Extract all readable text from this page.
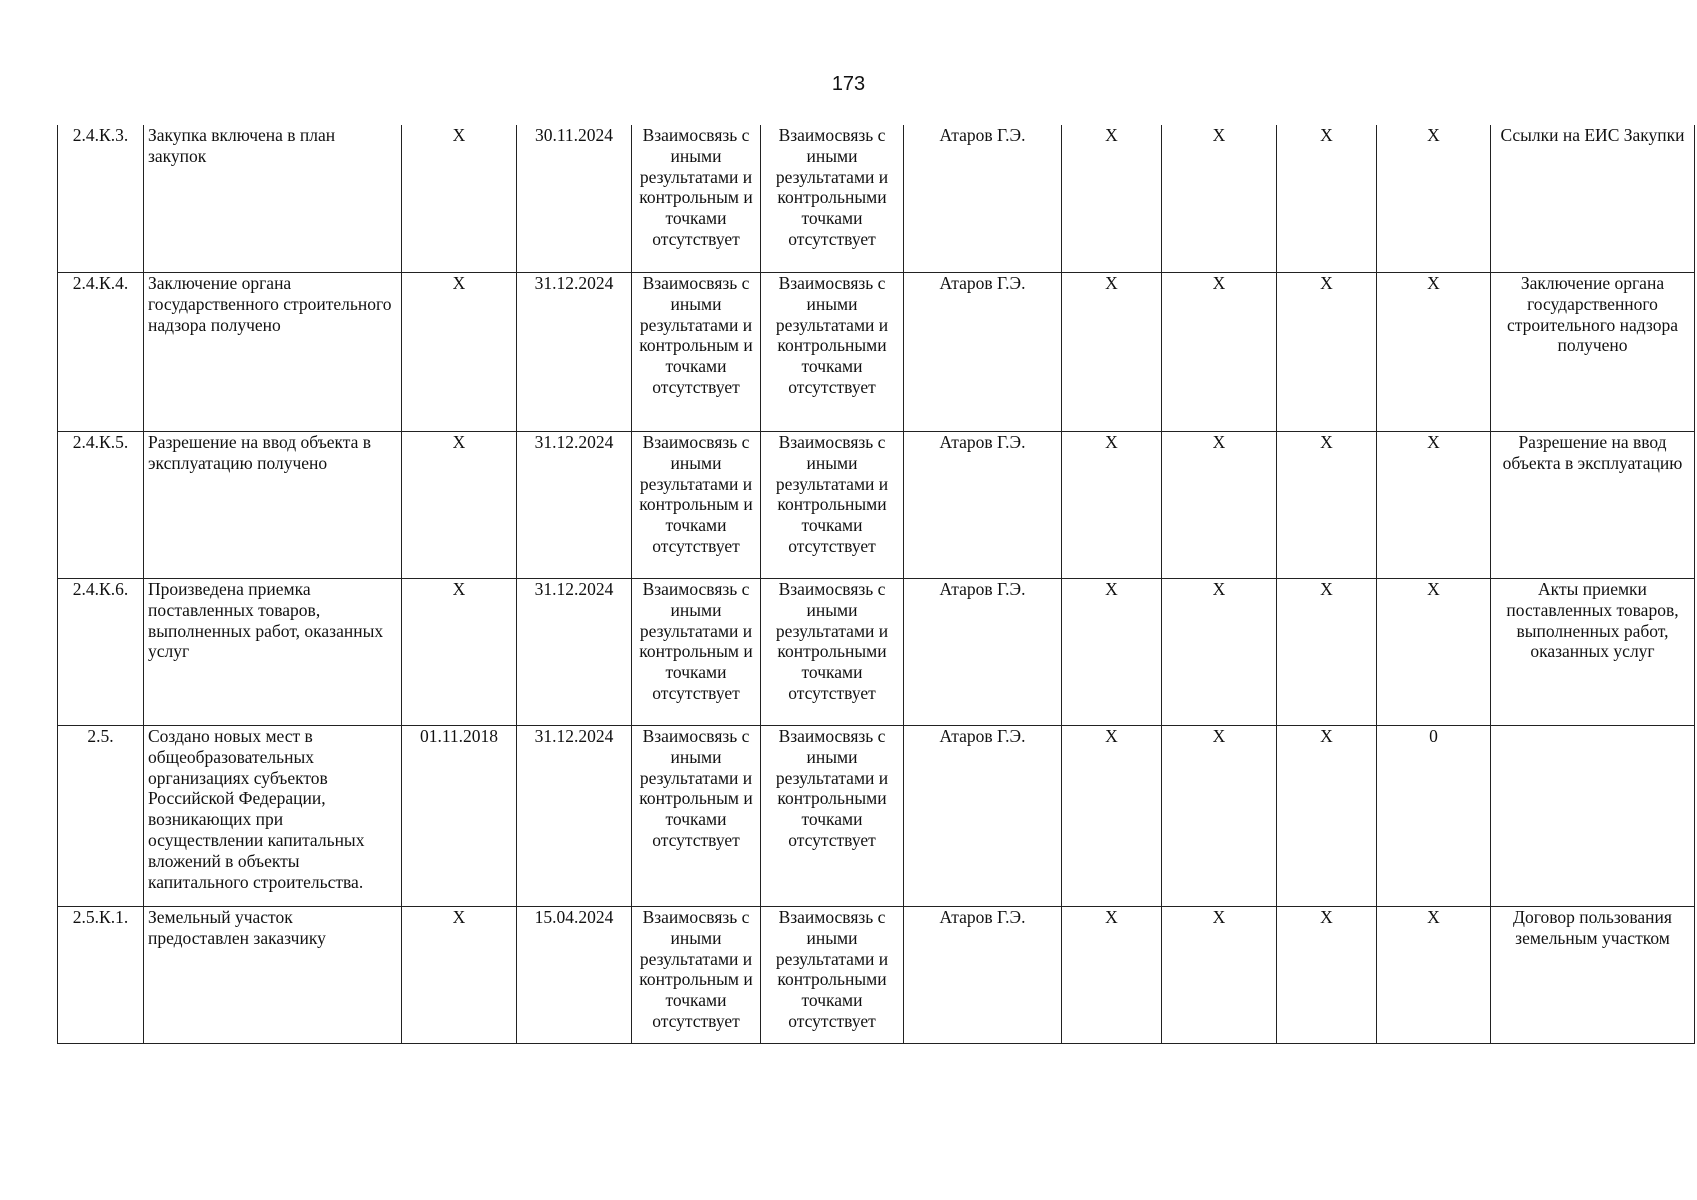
173
2.4.К.3.	Закупка включена в план закупок	X	30.11.2024	Взаимосвязь с иными результатами и контрольным и точками отсутствует	Взаимосвязь с иными результатами и контрольными точками отсутствует	Атаров Г.Э.	X	X	X	X	Ссылки на ЕИС Закупки
2.4.К.4.	Заключение органа государственного строительного надзора получено	X	31.12.2024	Взаимосвязь с иными результатами и контрольным и точками отсутствует	Взаимосвязь с иными результатами и контрольными точками отсутствует	Атаров Г.Э.	X	X	X	X	Заключение органа государственного строительного надзора получено
2.4.К.5.	Разрешение на ввод объекта в эксплуатацию получено	X	31.12.2024	Взаимосвязь с иными результатами и контрольным и точками отсутствует	Взаимосвязь с иными результатами и контрольными точками отсутствует	Атаров Г.Э.	X	X	X	X	Разрешение на ввод объекта в эксплуатацию
2.4.К.6.	Произведена приемка поставленных товаров, выполненных работ, оказанных услуг	X	31.12.2024	Взаимосвязь с иными результатами и контрольным и точками отсутствует	Взаимосвязь с иными результатами и контрольными точками отсутствует	Атаров Г.Э.	X	X	X	X	Акты приемки поставленных товаров, выполненных работ, оказанных услуг
2.5.	Создано новых мест в общеобразовательных организациях субъектов Российской Федерации, возникающих при осуществлении капитальных вложений в объекты капитального строительства.	01.11.2018	31.12.2024	Взаимосвязь с иными результатами и контрольным и точками отсутствует	Взаимосвязь с иными результатами и контрольными точками отсутствует	Атаров Г.Э.	X	X	X	0	
2.5.К.1.	Земельный участок предоставлен заказчику	X	15.04.2024	Взаимосвязь с иными результатами и контрольным и точками отсутствует	Взаимосвязь с иными результатами и контрольными точками отсутствует	Атаров Г.Э.	X	X	X	X	Договор пользования земельным участком
